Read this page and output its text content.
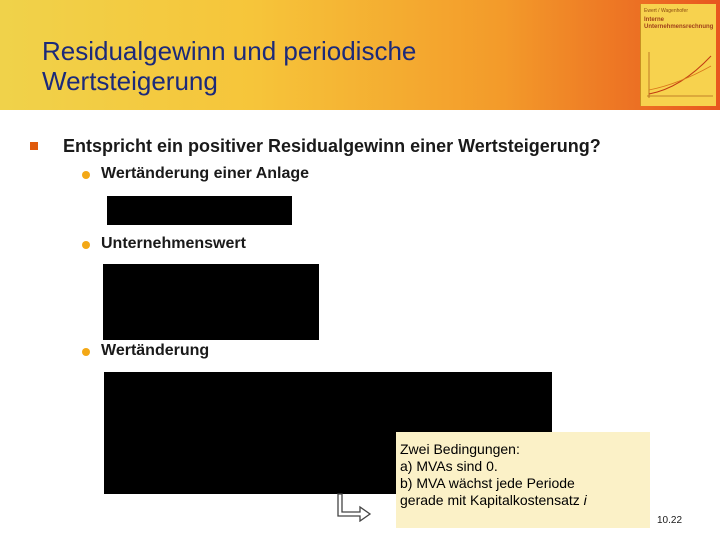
Residualgewinn und periodische
Wertsteigerung
Ewert / Wagenhofer
Interne
Unternehmensrechnung
Entspricht ein positiver Residualgewinn einer Wertsteigerung?
Wertänderung einer Anlage
Unternehmenswert
Wertänderung
Zwei Bedingungen:
a) MVAs sind 0.
b) MVA wächst jede Periode
gerade mit Kapitalkostensatz i
10.22
